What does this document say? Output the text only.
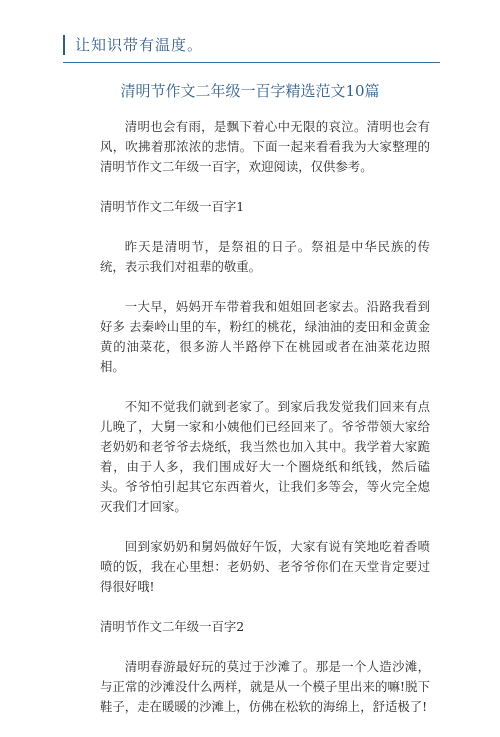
让知识带有温度。
清明节作文二年级一百字精选范文10篇

清明也会有雨，是飘下着心中无限的哀泣。清明也会有风，吹拂着那浓浓的悲情。下面一起来看看我为大家整理的清明节作文二年级一百字，欢迎阅读，仅供参考。

清明节作文二年级一百字1

昨天是清明节，是祭祖的日子。祭祖是中华民族的传统，表示我们对祖辈的敬重。

一大早，妈妈开车带着我和姐姐回老家去。沿路我看到好多 去秦岭山里的车，粉红的桃花，绿油油的麦田和金黄金黄的油菜花，很多游人半路停下在桃园或者在油菜花边照相。

不知不觉我们就到老家了。到家后我发觉我们回来有点儿晚了，大舅一家和小姨他们已经回来了。爷爷带领大家给老奶奶和老爷爷去烧纸，我当然也加入其中。我学着大家跪着，由于人多，我们围成好大一个圈烧纸和纸钱，然后磕头。爷爷怕引起其它东西着火，让我们多等会，等火完全熄灭我们才回家。

回到家奶奶和舅妈做好午饭，大家有说有笑地吃着香喷喷的饭，我在心里想：老奶奶、老爷爷你们在天堂肯定要过得很好哦!

清明节作文二年级一百字2

清明春游最好玩的莫过于沙滩了。那是一个人造沙滩，与正常的沙滩没什么两样，就是从一个模子里出来的嘛!脱下鞋子，走在暖暖的沙滩上，仿佛在松软的海绵上，舒适极了!
